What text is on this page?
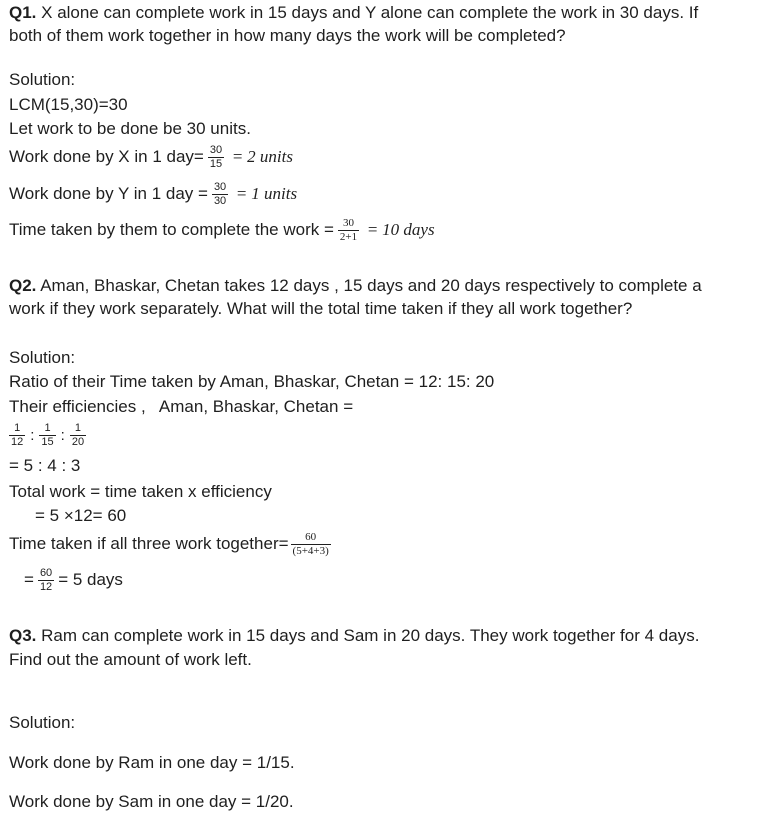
Q1. X alone can complete work in 15 days and Y alone can complete the work in 30 days. If
both of them work together in how many days the work will be completed?
Solution:
LCM(15,30)=30
Let work to be done be 30 units.
Work done by X in 1 $day= \frac{30}{15} = 2$ units
Work done by Y in 1 day = $\frac{30}{30} = 1$ units
Time taken by them to complete the work = $\frac{30}{2+1} = 10$ days
Q2. Aman, Bhaskar, Chetan takes 12 days , 15 days and 20 days respectively to complete a
work if they work separately. What will the total time taken if they all work together?
Solution:
Ratio of their Time taken by Aman, Bhaskar, Chetan = 12: 15: 20
Their efficiencies ,   Aman, Bhaskar, Chetan =
$\frac{1}{12}$ : $\frac{1}{15}$ : $\frac{1}{20}$
= 5 : 4 : 3
Total work = time taken x efficiency
= 5 ×12= 60
Time taken if all three work together= $\frac{60}{(5+4+3)}$
= $\frac{60}{12} = 5$ days
Q3. Ram can complete work in 15 days and Sam in 20 days. They work together for 4 days.
Find out the amount of work left.
Solution:
Work done by Ram in one day = 1/15.
Work done by Sam in one day = 1/20.
